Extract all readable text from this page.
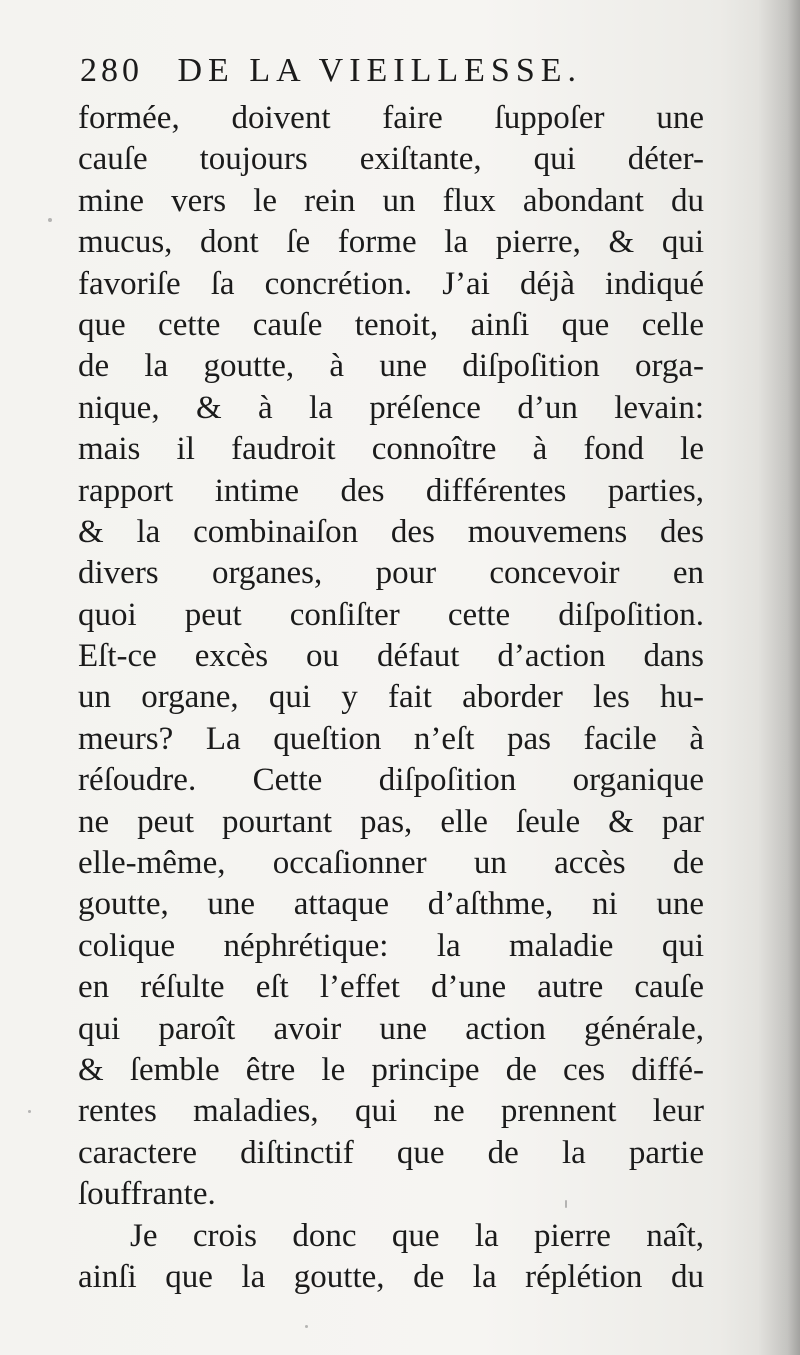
280 DE LA VIEILLESSE.
formée, doivent faire ſuppoſer une
cauſe toujours exiſtante, qui déter-
mine vers le rein un flux abondant du
mucus, dont ſe forme la pierre, & qui
favoriſe ſa concrétion. J’ai déjà indiqué
que cette cauſe tenoit, ainſi que celle
de la goutte, à une diſpoſition orga-
nique, & à la préſence d’un levain:
mais il faudroit connoître à fond le
rapport intime des différentes parties,
& la combinaiſon des mouvemens des
divers organes, pour concevoir en
quoi peut conſiſter cette diſpoſition.
Eſt-ce excès ou défaut d’action dans
un organe, qui y fait aborder les hu-
meurs? La queſtion n’eſt pas facile à
réſoudre. Cette diſpoſition organique
ne peut pourtant pas, elle ſeule & par
elle-même, occaſionner un accès de
goutte, une attaque d’aſthme, ni une
colique néphrétique: la maladie qui
en réſulte eſt l’effet d’une autre cauſe
qui paroît avoir une action générale,
& ſemble être le principe de ces diffé-
rentes maladies, qui ne prennent leur
caractere diſtinctif que de la partie
ſouffrante.
Je crois donc que la pierre naît,
ainſi que la goutte, de la réplétion du
